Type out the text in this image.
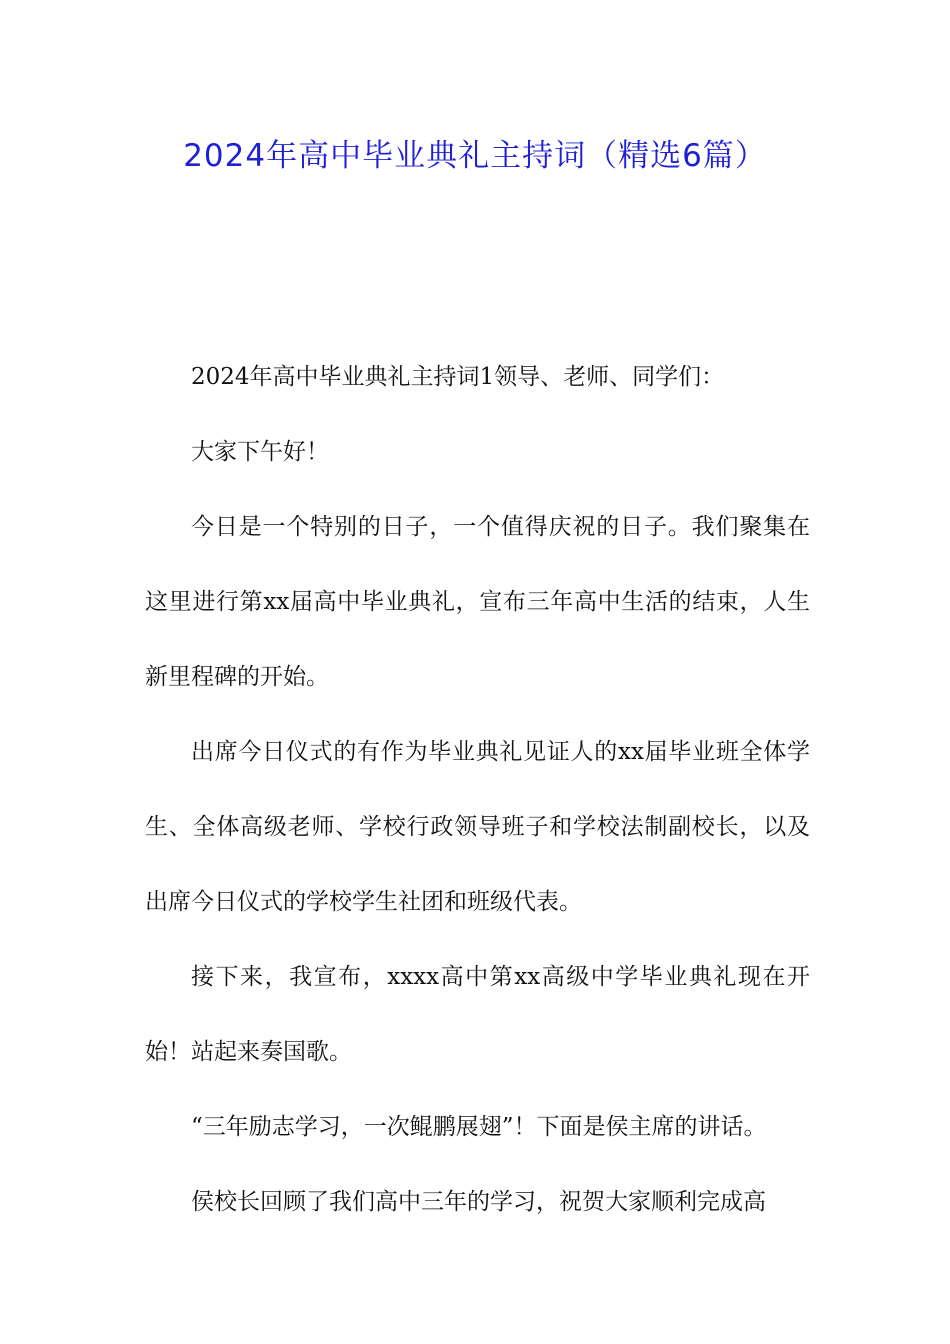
2024年高中毕业典礼主持词（精选6篇）

2024年高中毕业典礼主持词1领导、老师、同学们：

大家下午好！

今日是一个特别的日子，一个值得庆祝的日子。我们聚集在这里进行第xx届高中毕业典礼，宣布三年高中生活的结束，人生新里程碑的开始。

出席今日仪式的有作为毕业典礼见证人的xx届毕业班全体学生、全体高级老师、学校行政领导班子和学校法制副校长，以及出席今日仪式的学校学生社团和班级代表。

接下来，我宣布，xxxx高中第xx高级中学毕业典礼现在开始！站起来奏国歌。

“三年励志学习，一次鲲鹏展翅”！下面是侯主席的讲话。

侯校长回顾了我们高中三年的学习，祝贺大家顺利完成高
